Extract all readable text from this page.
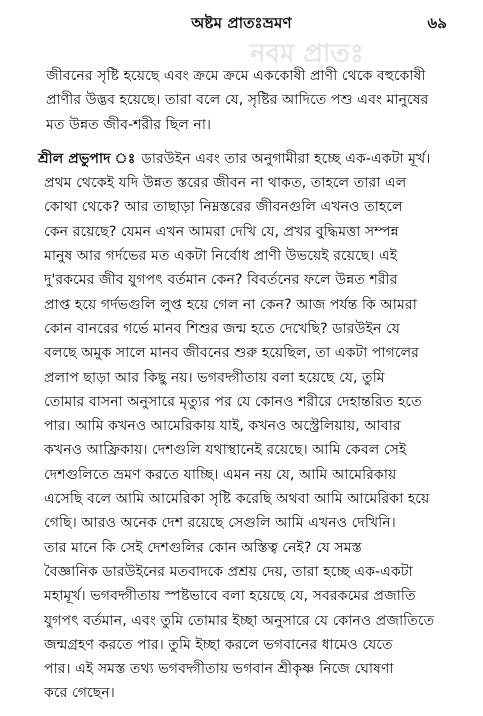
নবম প্রাতঃ
অষ্টম প্রাতঃভ্রমণ	৬৯

জীবনের সৃষ্টি হয়েছে এবং ক্রমে ক্রমে এককোষী প্রাণী থেকে বহুকোষী
প্রাণীর উদ্ভব হয়েছে। তারা বলে যে, সৃষ্টির আদিতে পশু এবং মানুষের
মত উন্নত জীব-শরীর ছিল না।

শ্রীল প্রভুপাদ ঃ ডারউইন এবং তার অনুগামীরা হচ্ছে এক-একটা মূর্খ।
প্রথম থেকেই যদি উন্নত স্তরের জীবন না থাকত, তাহলে তারা এল
কোথা থেকে? আর তাছাড়া নিম্নস্তরের জীবনগুলি এখনও তাহলে
কেন রয়েছে? যেমন এখন আমরা দেখি যে, প্রখর বুদ্ধিমত্তা সম্পন্ন
মানুষ আর গর্দভের মত একটা নির্বোধ প্রাণী উভয়েই রয়েছে। এই
দু'রকমের জীব যুগপৎ বর্তমান কেন? বিবর্তনের ফলে উন্নত শরীর
প্রাপ্ত হয়ে গর্দভগুলি লুপ্ত হয়ে গেল না কেন? আজ পর্যন্ত কি আমরা
কোন বানরের গর্ভে মানব শিশুর জন্ম হতে দেখেছি? ডারউইন যে
বলছে অমুক সালে মানব জীবনের শুরু হয়েছিল, তা একটা পাগলের
প্রলাপ ছাড়া আর কিছু নয়। ভগবদ্গীতায় বলা হয়েছে যে, তুমি
তোমার বাসনা অনুসারে মৃত্যুর পর যে কোনও শরীরে দেহান্তরিত হতে
পার। আমি কখনও আমেরিকায় যাই, কখনও অস্ট্রেলিয়ায়, আবার
কখনও আফ্রিকায়। দেশগুলি যথাস্থানেই রয়েছে। আমি কেবল সেই
দেশগুলিতে ভ্রমণ করতে যাচ্ছি। এমন নয় যে, আমি আমেরিকায়
এসেছি বলে আমি আমেরিকা সৃষ্টি করেছি অথবা আমি আমেরিকা হয়ে
গেছি। আরও অনেক দেশ রয়েছে সেগুলি আমি এখনও দেখিনি।
তার মানে কি সেই দেশগুলির কোন অস্তিত্ব নেই? যে সমস্ত
বৈজ্ঞানিক ডারউইনের মতবাদকে প্রশ্রয় দেয়, তারা হচ্ছে এক-একটা
মহামূর্খ। ভগবদ্গীতায় স্পষ্টভাবে বলা হয়েছে যে, সবরকমের প্রজাতি
যুগপৎ বর্তমান, এবং তুমি তোমার ইচ্ছা অনুসারে যে কোনও প্রজাতিতে
জন্মগ্রহণ করতে পার। তুমি ইচ্ছা করলে ভগবানের ধামেও যেতে
পার। এই সমস্ত তথ্য ভগবদ্গীতায় ভগবান শ্রীকৃষ্ণ নিজে ঘোষণা
করে গেছেন।
